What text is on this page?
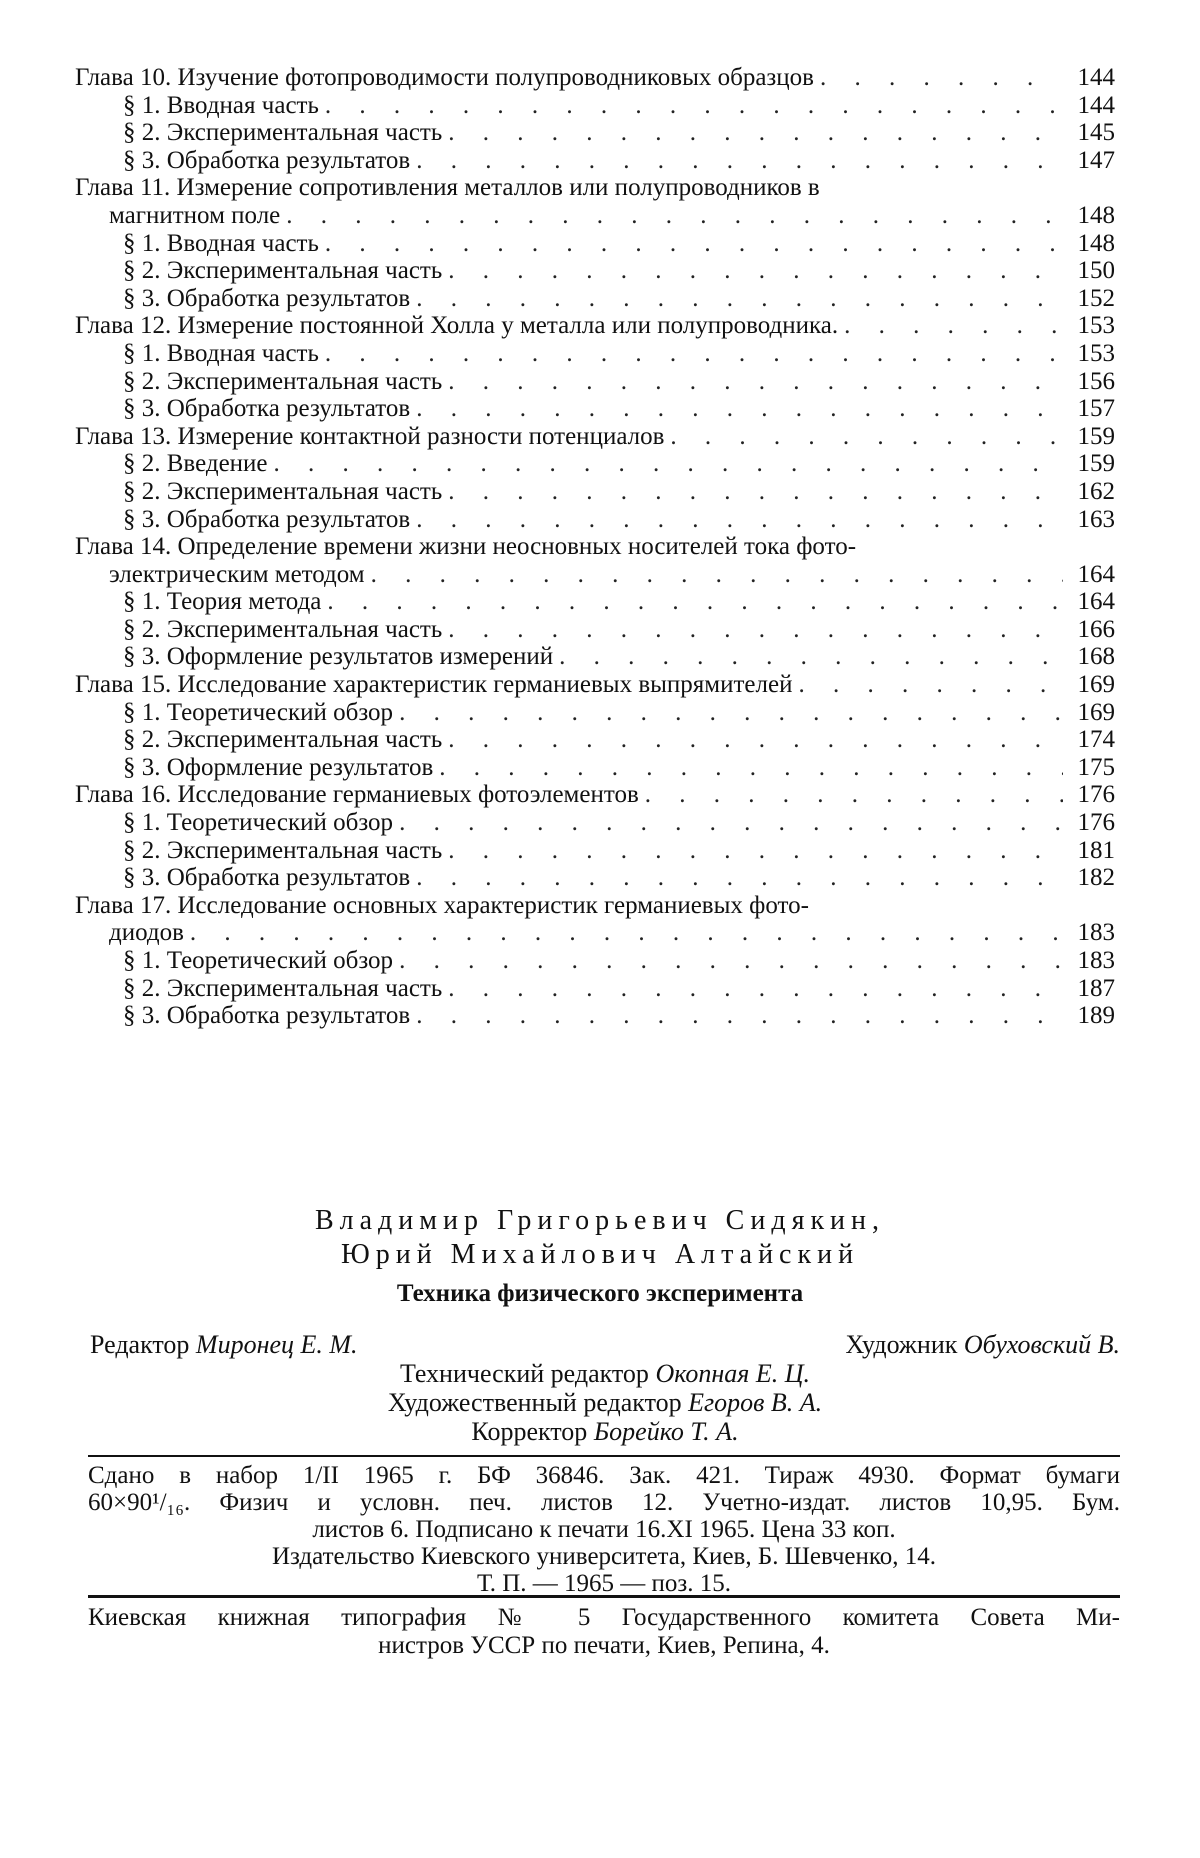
Глава 10. Изучение фотопроводимости полупроводниковых образцов . . .	144
§ 1. Вводная часть . . .	144
§ 2. Экспериментальная часть . . .	145
§ 3. Обработка результатов . . .	147
Глава 11. Измерение сопротивления металлов или полупроводников в
магнитном поле . . .	148
§ 1. Вводная часть . . .	148
§ 2. Экспериментальная часть . . .	150
§ 3. Обработка результатов . . .	152
Глава 12. Измерение постоянной Холла у металла или полупроводника. . . .	153
§ 1. Вводная часть . . .	153
§ 2. Экспериментальная часть . . .	156
§ 3. Обработка результатов . . .	157
Глава 13. Измерение контактной разности потенциалов . . .	159
§ 2. Введение . . .	159
§ 2. Экспериментальная часть . . .	162
§ 3. Обработка результатов . . .	163
Глава 14. Определение времени жизни неосновных носителей тока фото-
электрическим методом . . .	164
§ 1. Теория метода . . .	164
§ 2. Экспериментальная часть . . .	166
§ 3. Оформление результатов измерений . . .	168
Глава 15. Исследование характеристик германиевых выпрямителей . . .	169
§ 1. Теоретический обзор . . .	169
§ 2. Экспериментальная часть . . .	174
§ 3. Оформление результатов . . .	175
Глава 16. Исследование германиевых фотоэлементов . . .	176
§ 1. Теоретический обзор . . .	176
§ 2. Экспериментальная часть . . .	181
§ 3. Обработка результатов . . .	182
Глава 17. Исследование основных характеристик германиевых фото-
диодов . . .	183
§ 1. Теоретический обзор . . .	183
§ 2. Экспериментальная часть . . .	187
§ 3. Обработка результатов . . .	189
Владимир Григорьевич Сидякин,
Юрий Михайлович Алтайский
Техника физического эксперимента
Редактор Миронец Е. М.	Художник Обуховский В.
Технический редактор Окопная Е. Ц.
Художественный редактор Егоров В. А.
Корректор Борейко Т. А.
Сдано в набор 1/II 1965 г. БФ 36846. Зак. 421. Тираж 4930. Формат бумаги
60×90¹/₁₆. Физич и условн. печ. листов 12. Учетно-издат. листов 10,95. Бум.
листов 6. Подписано к печати 16.XI 1965. Цена 33 коп.
Издательство Киевского университета, Киев, Б. Шевченко, 14.
Т. П. — 1965 — поз. 15.
Киевская книжная типография № 5 Государственного комитета Совета Ми-
нистров УССР по печати, Киев, Репина, 4.
